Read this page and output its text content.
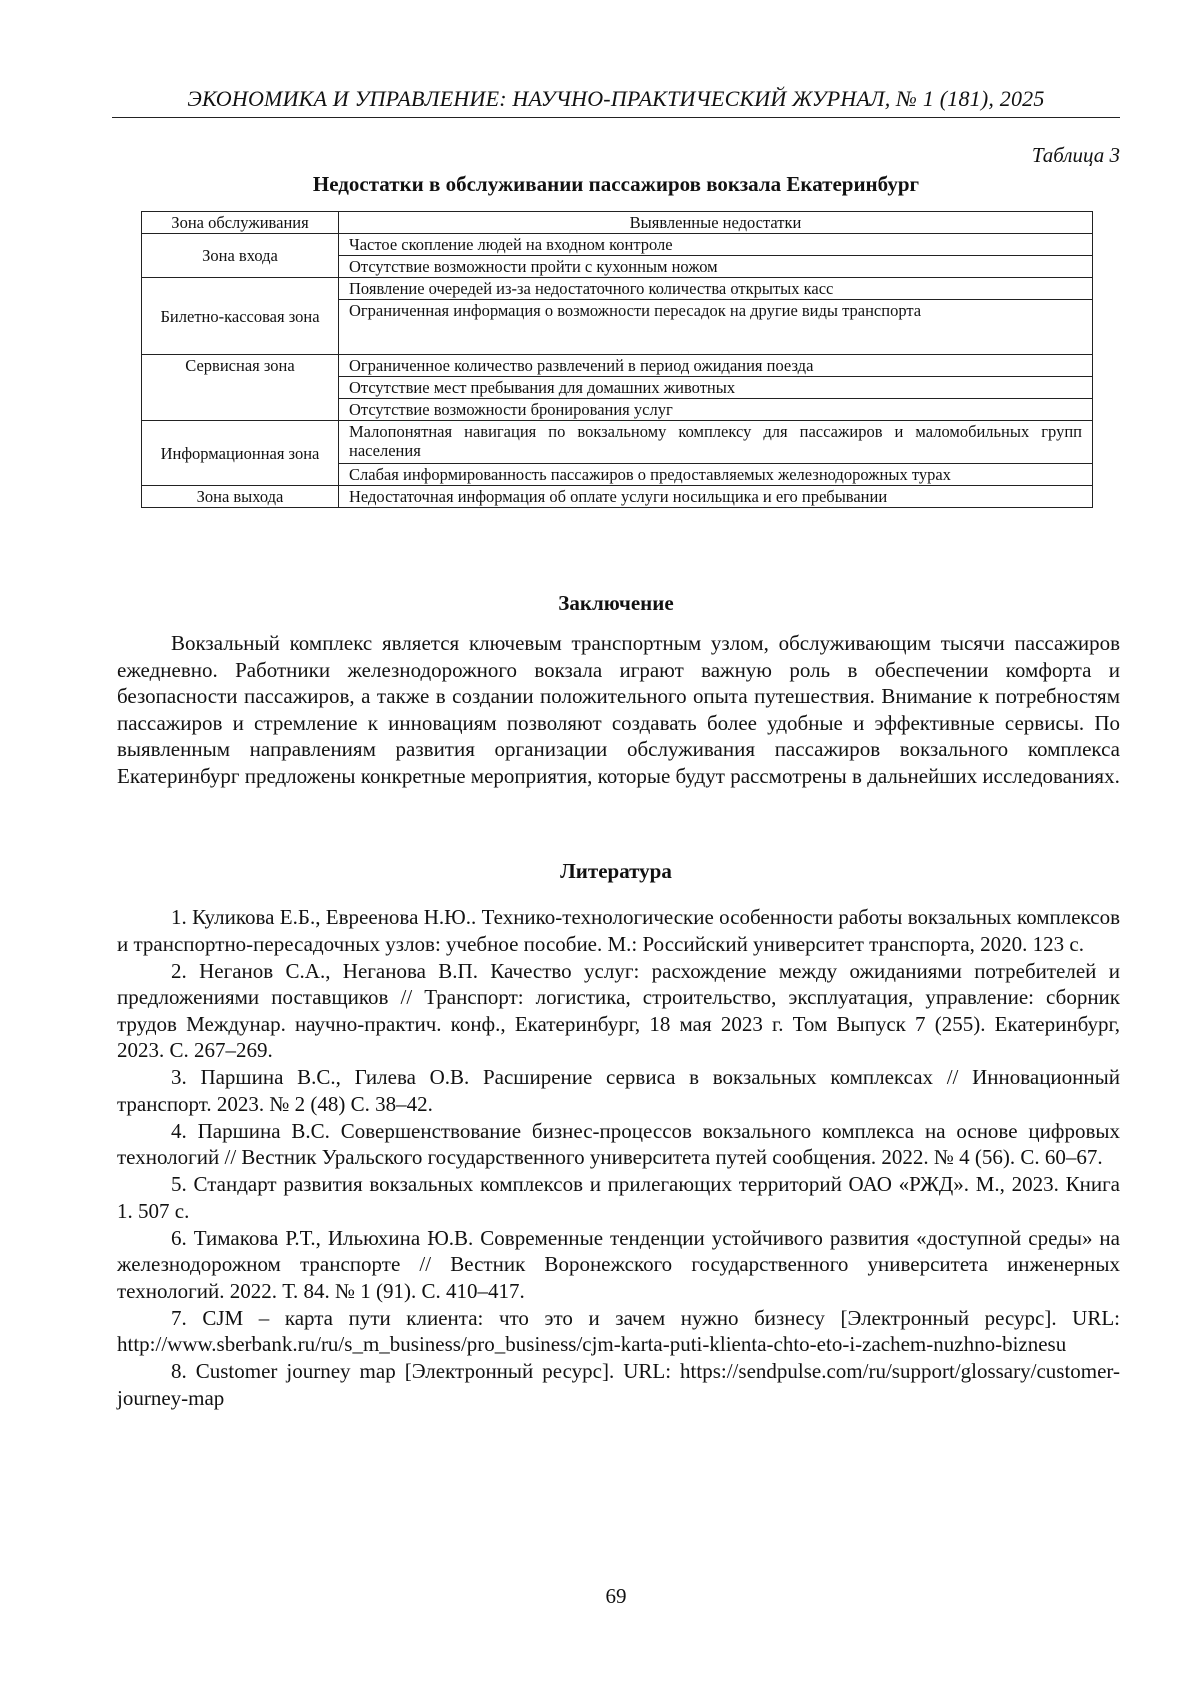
ЭКОНОМИКА И УПРАВЛЕНИЕ: НАУЧНО-ПРАКТИЧЕСКИЙ ЖУРНАЛ, № 1 (181), 2025
Таблица 3
Недостатки в обслуживании пассажиров вокзала Екатеринбург
Зона обслуживания	Выявленные недостатки
Зона входа	Частое скопление людей на входном контроле
	Отсутствие возможности пройти с кухонным ножом
Билетно-кассовая зона	Появление очередей из-за недостаточного количества открытых касс
	Ограниченная информация о возможности пересадок на другие виды транспорта
Сервисная зона	Ограниченное количество развлечений в период ожидания поезда
	Отсутствие мест пребывания для домашних животных
	Отсутствие возможности бронирования услуг
Информационная зона	Малопонятная навигация по вокзальному комплексу для пассажиров и маломобильных групп населения
	Слабая информированность пассажиров о предоставляемых железнодорожных турах
Зона выхода	Недостаточная информация об оплате услуги носильщика и его пребывании
Заключение

Вокзальный комплекс является ключевым транспортным узлом, обслуживающим тысячи пассажиров ежедневно. Работники железнодорожного вокзала играют важную роль в обеспечении комфорта и безопасности пассажиров, а также в создании положительного опыта путешествия. Внимание к потребностям пассажиров и стремление к инновациям позволяют создавать более удобные и эффективные сервисы. По выявленным направлениям развития организации обслуживания пассажиров вокзального комплекса Екатеринбург предложены конкретные мероприятия, которые будут рассмотрены в дальнейших исследованиях.

Литература

1. Куликова Е.Б., Евреенова Н.Ю.. Технико-технологические особенности работы вокзальных комплексов и транспортно-пересадочных узлов: учебное пособие. М.: Российский университет транспорта, 2020. 123 с.

2. Неганов С.А., Неганова В.П. Качество услуг: расхождение между ожиданиями потребителей и предложениями поставщиков // Транспорт: логистика, строительство, эксплуатация, управление: сборник трудов Междунар. научно-практич. конф., Екатеринбург, 18 мая 2023 г. Том Выпуск 7 (255). Екатеринбург, 2023. С. 267–269.

3. Паршина В.С., Гилева О.В. Расширение сервиса в вокзальных комплексах // Инновационный транспорт. 2023. № 2 (48) С. 38–42.

4. Паршина В.С. Совершенствование бизнес-процессов вокзального комплекса на основе цифровых технологий // Вестник Уральского государственного университета путей сообщения. 2022. № 4 (56). С. 60–67.

5. Стандарт развития вокзальных комплексов и прилегающих территорий ОАО «РЖД». М., 2023. Книга 1. 507 с.

6. Тимакова Р.Т., Ильюхина Ю.В. Современные тенденции устойчивого развития «доступной среды» на железнодорожном транспорте // Вестник Воронежского государственного университета инженерных технологий. 2022. Т. 84. № 1 (91). С. 410–417.

7. CJM – карта пути клиента: что это и зачем нужно бизнесу [Электронный ресурс]. URL: http://www.sberbank.ru/ru/s_m_business/pro_business/cjm-karta-puti-klienta-chto-eto-i-zachem-nuzhno-biznesu

8. Customer journey map [Электронный ресурс]. URL: https://sendpulse.com/ru/support/glossary/customer-journey-map

69
